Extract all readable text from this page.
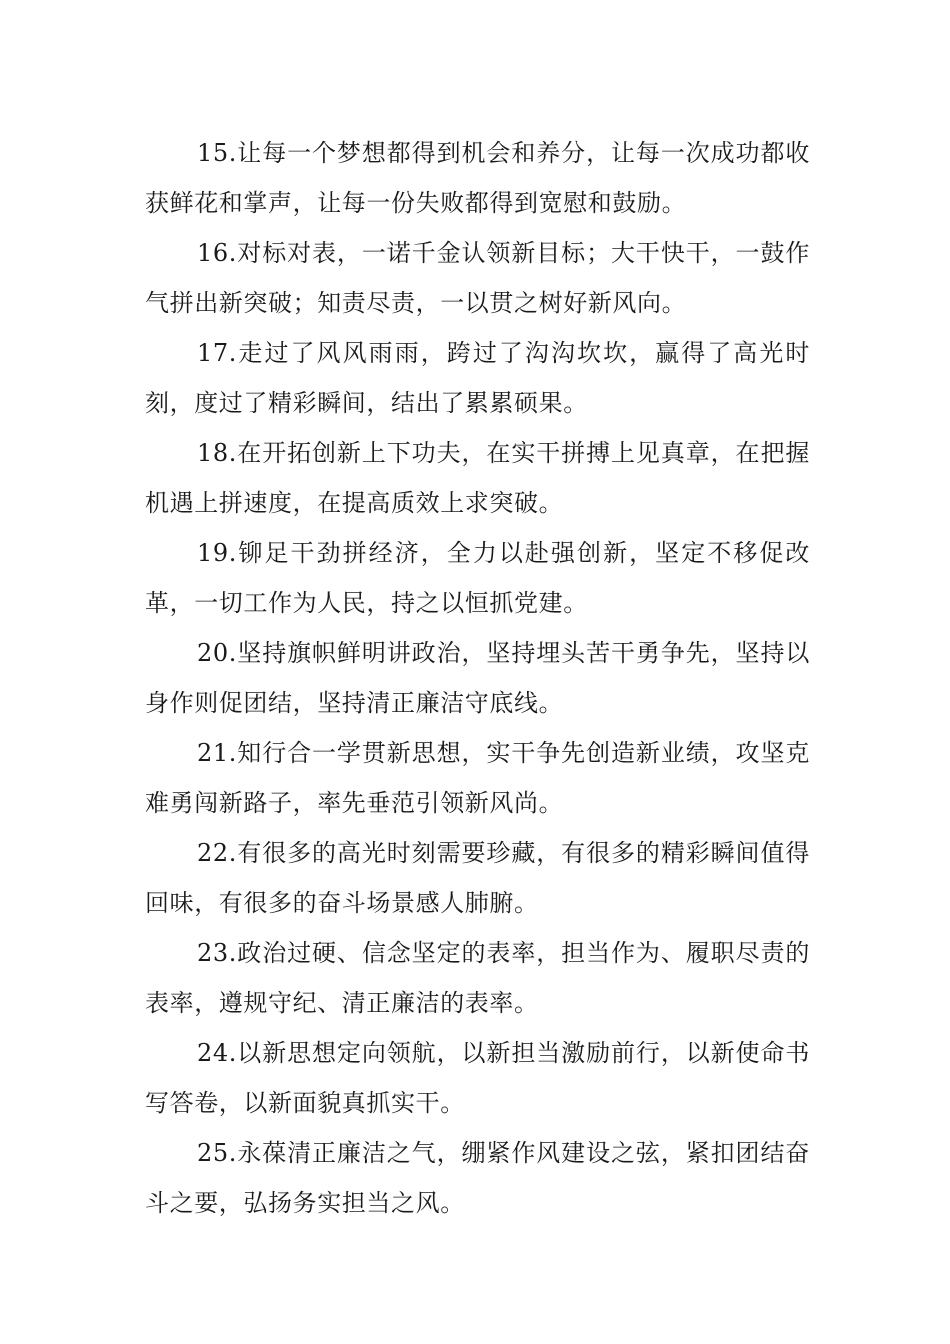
15.让每一个梦想都得到机会和养分，让每一次成功都收获鲜花和掌声，让每一份失败都得到宽慰和鼓励。

16.对标对表，一诺千金认领新目标；大干快干，一鼓作气拼出新突破；知责尽责，一以贯之树好新风向。

17.走过了风风雨雨，跨过了沟沟坎坎，赢得了高光时刻，度过了精彩瞬间，结出了累累硕果。

18.在开拓创新上下功夫，在实干拼搏上见真章，在把握机遇上拼速度，在提高质效上求突破。

19.铆足干劲拼经济，全力以赴强创新，坚定不移促改革，一切工作为人民，持之以恒抓党建。

20.坚持旗帜鲜明讲政治，坚持埋头苦干勇争先，坚持以身作则促团结，坚持清正廉洁守底线。

21.知行合一学贯新思想，实干争先创造新业绩，攻坚克难勇闯新路子，率先垂范引领新风尚。

22.有很多的高光时刻需要珍藏，有很多的精彩瞬间值得回味，有很多的奋斗场景感人肺腑。

23.政治过硬、信念坚定的表率，担当作为、履职尽责的表率，遵规守纪、清正廉洁的表率。

24.以新思想定向领航，以新担当激励前行，以新使命书写答卷，以新面貌真抓实干。

25.永葆清正廉洁之气，绷紧作风建设之弦，紧扣团结奋斗之要，弘扬务实担当之风。
